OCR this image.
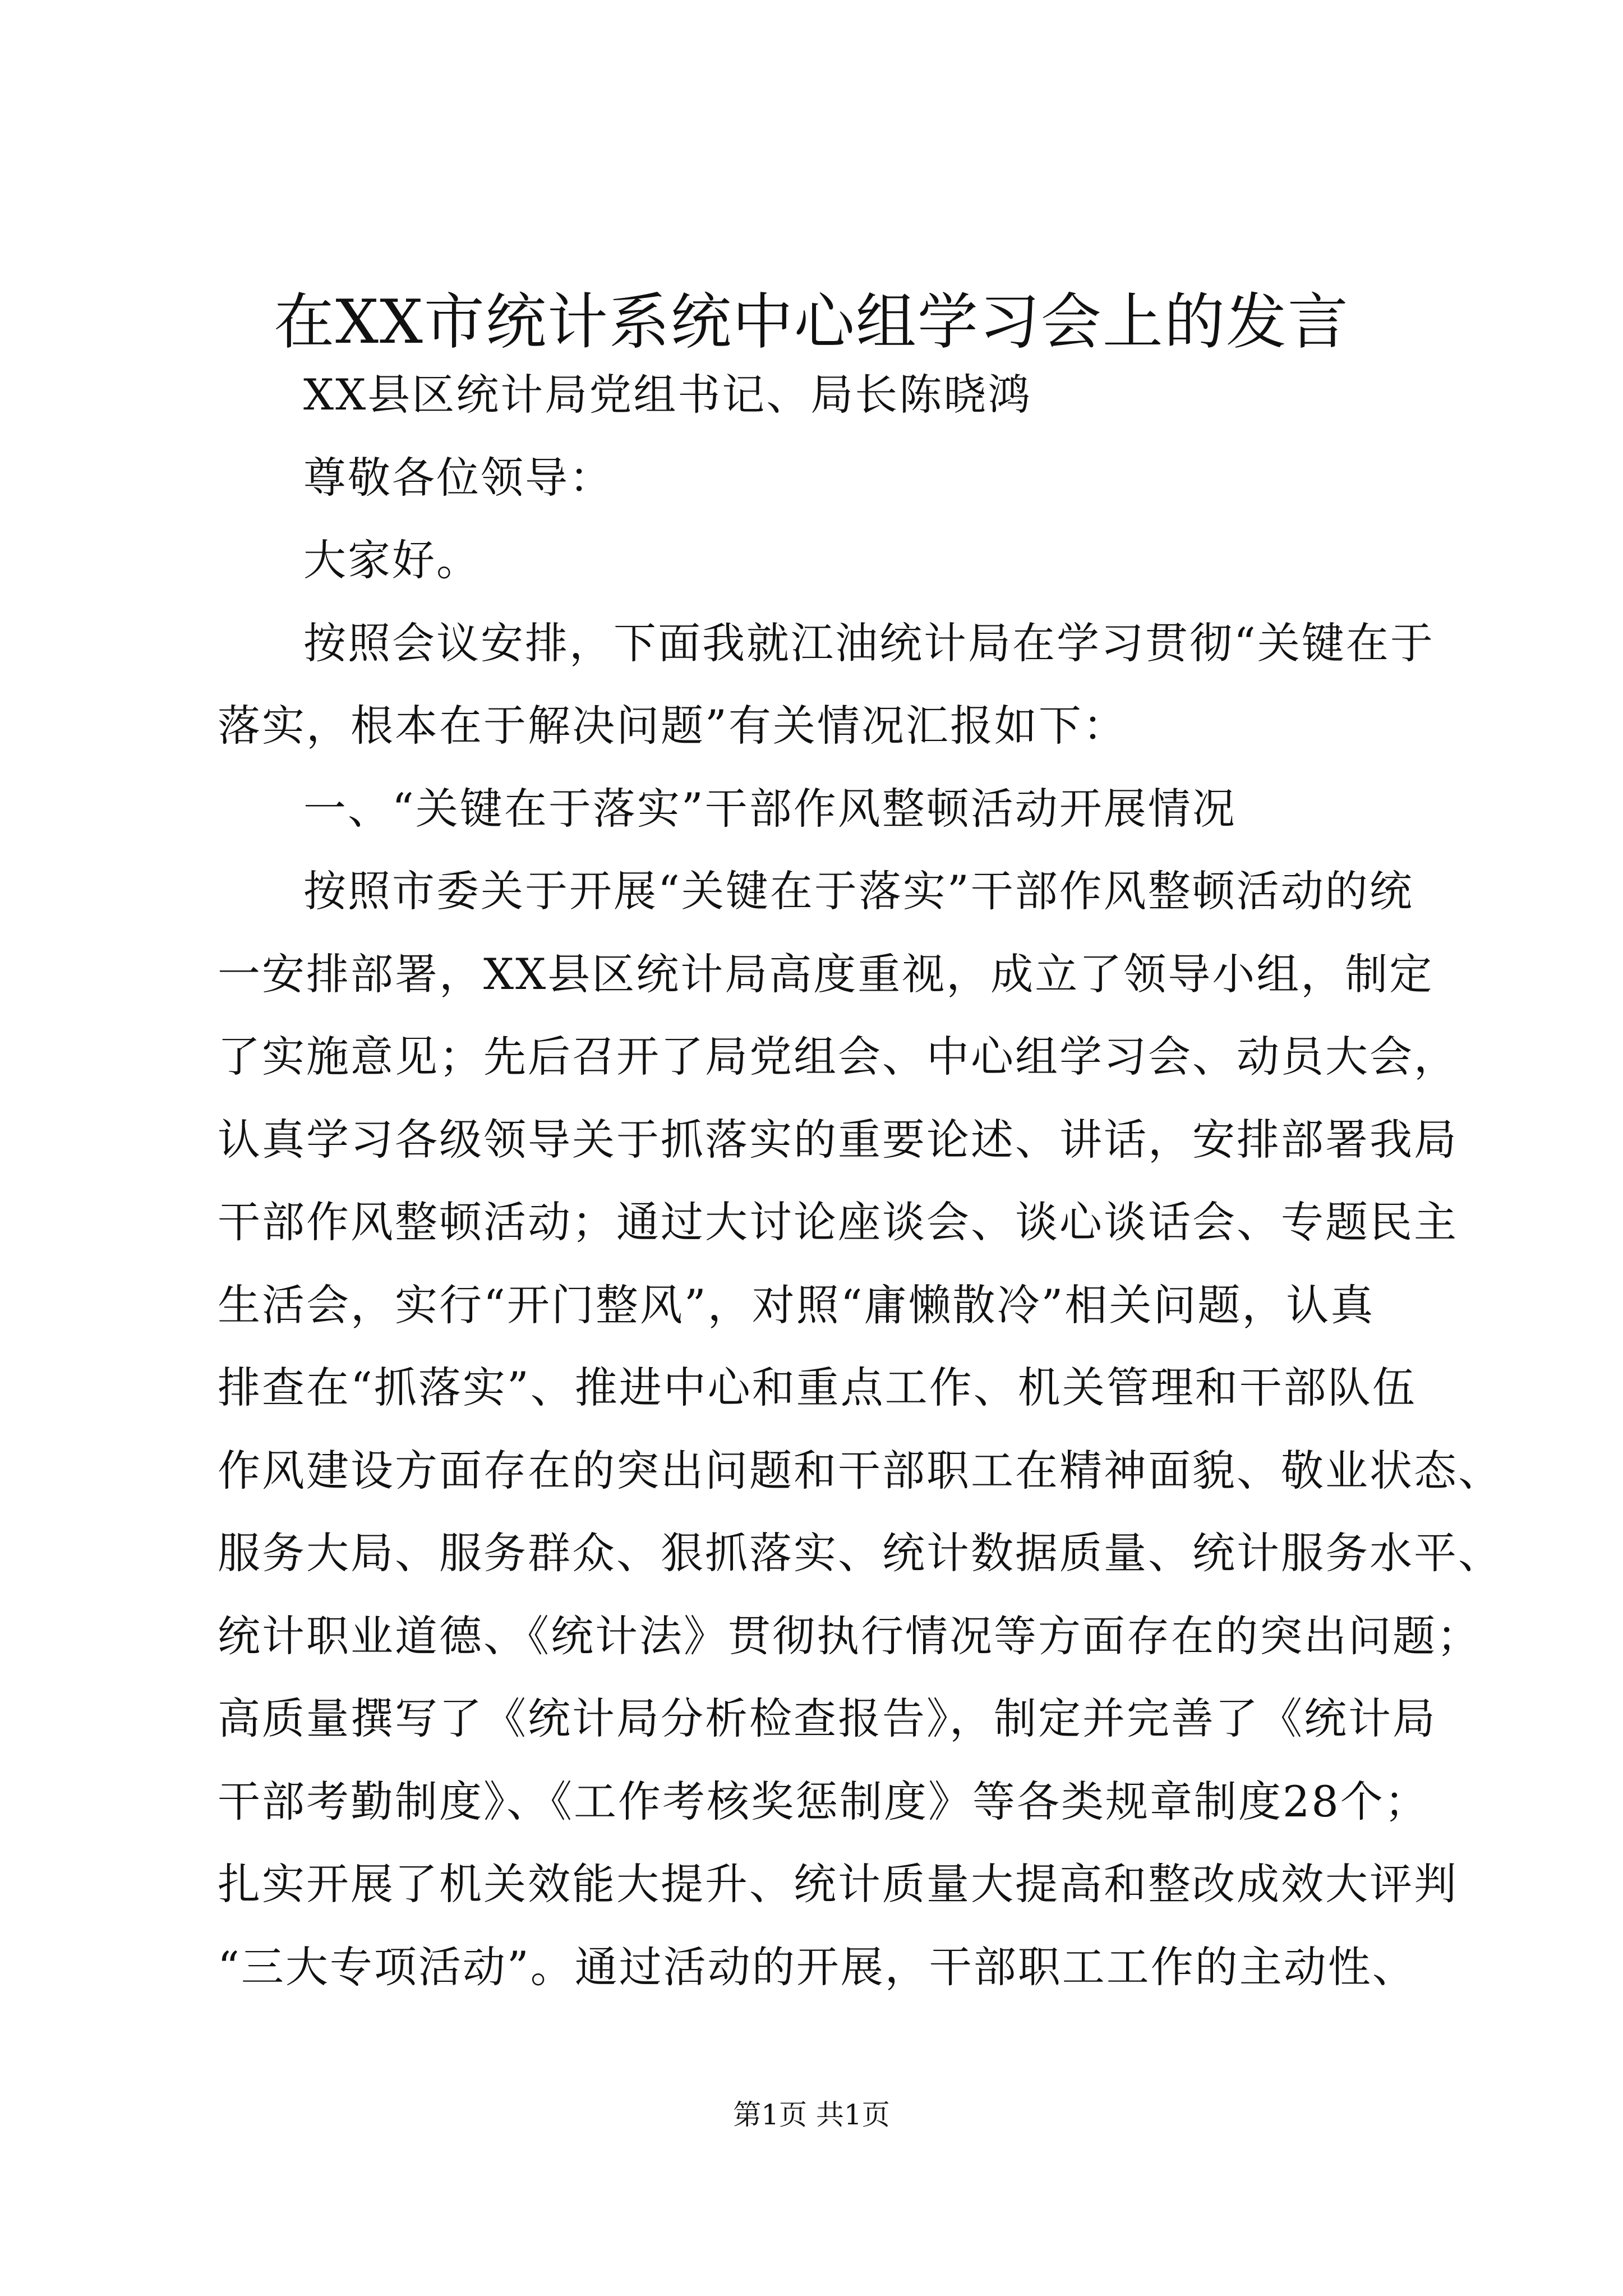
在XX市统计系统中心组学习会上的发言
XX县区统计局党组书记、局长陈晓鸿
尊敬各位领导：
大家好。
按照会议安排，下面我就江油统计局在学习贯彻“关键在于
落实，根本在于解决问题”有关情况汇报如下：
一、“关键在于落实”干部作风整顿活动开展情况
按照市委关于开展“关键在于落实”干部作风整顿活动的统
一安排部署，XX县区统计局高度重视，成立了领导小组，制定
了实施意见；先后召开了局党组会、中心组学习会、动员大会，
认真学习各级领导关于抓落实的重要论述、讲话，安排部署我局
干部作风整顿活动；通过大讨论座谈会、谈心谈话会、专题民主
生活会，实行“开门整风”，对照“庸懒散冷”相关问题，认真
排查在“抓落实”、推进中心和重点工作、机关管理和干部队伍
作风建设方面存在的突出问题和干部职工在精神面貌、敬业状态、
服务大局、服务群众、狠抓落实、统计数据质量、统计服务水平、
统计职业道德、《统计法》贯彻执行情况等方面存在的突出问题；
高质量撰写了《统计局分析检查报告》，制定并完善了《统计局
干部考勤制度》、《工作考核奖惩制度》等各类规章制度28个；
扎实开展了机关效能大提升、统计质量大提高和整改成效大评判
“三大专项活动”。通过活动的开展，干部职工工作的主动性、
第1页 共1页
